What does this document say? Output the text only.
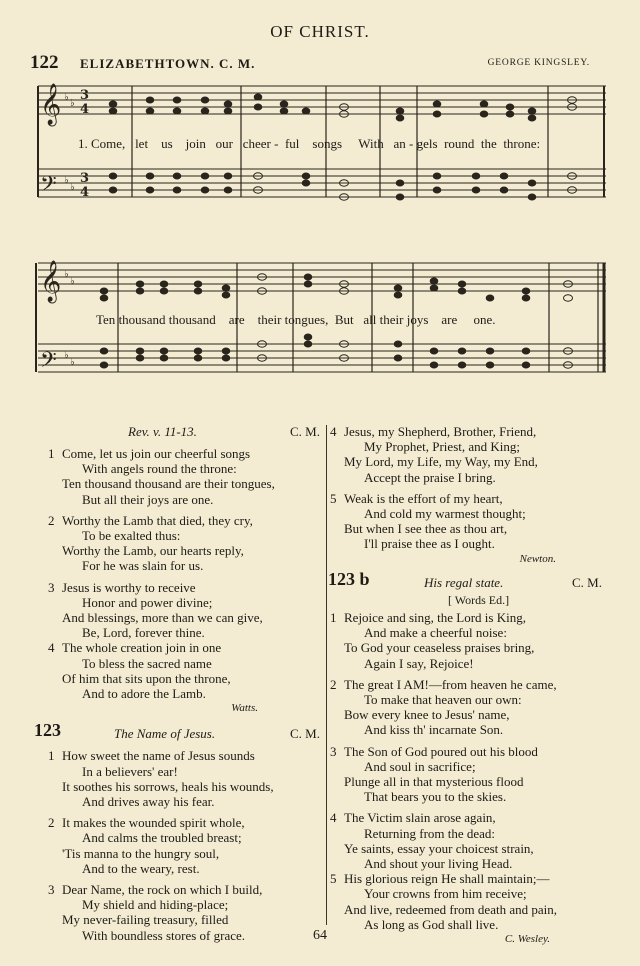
OF CHRIST.
122 ELIZABETHTOWN. C. M.	GEORGE KINGSLEY.
𝄞
𝄢
𝄞
𝄢
♭
♭
♭
♭
♭
♭
♭
♭
3
4
3
4
1. Come, let us join our cheer - ful songs With an - gels round the throne:
Ten thousand thousand are their tongues, But all their joys are one.
Rev. v. 11-13.	C. M.
1 Come, let us join our cheerful songs
With angels round the throne:
Ten thousand thousand are their tongues,
But all their joys are one.
2 Worthy the Lamb that died, they cry,
To be exalted thus:
Worthy the Lamb, our hearts reply,
For he was slain for us.
3 Jesus is worthy to receive
Honor and power divine;
And blessings, more than we can give,
Be, Lord, forever thine.
4 The whole creation join in one
To bless the sacred name
Of him that sits upon the throne,
And to adore the Lamb.
Watts.
123	The Name of Jesus.	C. M.
1 How sweet the name of Jesus sounds
In a believers' ear!
It soothes his sorrows, heals his wounds,
And drives away his fear.
2 It makes the wounded spirit whole,
And calms the troubled breast;
'Tis manna to the hungry soul,
And to the weary, rest.
3 Dear Name, the rock on which I build,
My shield and hiding-place;
My never-failing treasury, filled
With boundless stores of grace.
4 Jesus, my Shepherd, Brother, Friend,
My Prophet, Priest, and King;
My Lord, my Life, my Way, my End,
Accept the praise I bring.
5 Weak is the effort of my heart,
And cold my warmest thought;
But when I see thee as thou art,
I'll praise thee as I ought.
Newton.
123 b	His regal state.	C. M.
[ Words Ed.]
1 Rejoice and sing, the Lord is King,
And make a cheerful noise:
To God your ceaseless praises bring,
Again I say, Rejoice!
2 The great I AM!—from heaven he came,
To make that heaven our own:
Bow every knee to Jesus' name,
And kiss th' incarnate Son.
3 The Son of God poured out his blood
And soul in sacrifice;
Plunge all in that mysterious flood
That bears you to the skies.
4 The Victim slain arose again,
Returning from the dead:
Ye saints, essay your choicest strain,
And shout your living Head.
5 His glorious reign He shall maintain;—
Your crowns from him receive;
And live, redeemed from death and pain,
As long as God shall live.
C. Wesley.
64
